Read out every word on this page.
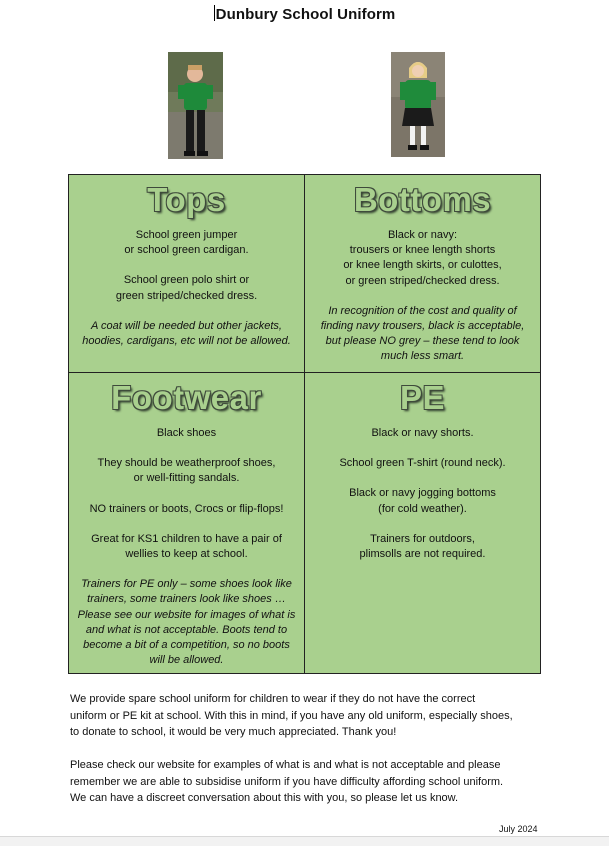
Dunbury School Uniform
Tops

School green jumper

or school green cardigan.

School green polo shirt or

green striped/checked dress.

A coat will be needed but other jackets,

hoodies, cardigans, etc will not be allowed.

Bottoms

Black or navy:

trousers or knee length shorts

or knee length skirts, or culottes,

or green striped/checked dress.

In recognition of the cost and quality of

finding navy trousers, black is acceptable,

but please NO grey – these tend to look

much less smart.

Footwear

Black shoes

They should be weatherproof shoes,

or well-fitting sandals.

NO trainers or boots, Crocs or flip-flops!

Great for KS1 children to have a pair of

wellies to keep at school.

Trainers for PE only – some shoes look like

trainers, some trainers look like shoes …

Please see our website for images of what is

and what is not acceptable. Boots tend to

become a bit of a competition, so no boots

will be allowed.

PE

Black or navy shorts.

School green T-shirt (round neck).

Black or navy jogging bottoms

(for cold weather).

Trainers for outdoors,

plimsolls are not required.

We provide spare school uniform for children to wear if they do not have the correct

uniform or PE kit at school. With this in mind, if you have any old uniform, especially shoes,

to donate to school, it would be very much appreciated. Thank you!

Please check our website for examples of what is and what is not acceptable and please

remember we are able to subsidise uniform if you have difficulty affording school uniform.

We can have a discreet conversation about this with you, so please let us know.

July 2024
